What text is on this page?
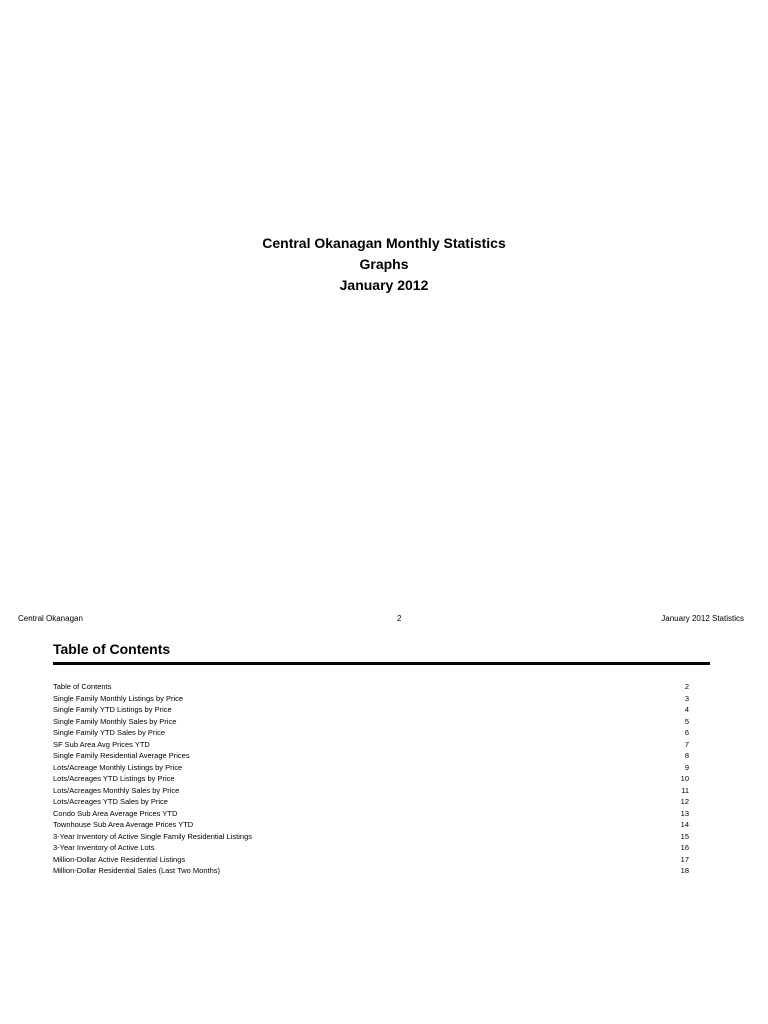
Central Okanagan Monthly Statistics
Graphs
January 2012
Central Okanagan	2	January 2012 Statistics
Table of Contents
Table of Contents	2
Single Family Monthly Listings by Price	3
Single Family YTD Listings by Price	4
Single Family Monthly Sales by Price	5
Single Family YTD Sales by Price	6
SF Sub Area Avg Prices YTD	7
Single Family Residential Average Prices	8
Lots/Acreage Monthly Listings by Price	9
Lots/Acreages YTD Listings by Price	10
Lots/Acreages Monthly Sales by Price	11
Lots/Acreages YTD Sales by Price	12
Condo Sub Area Average Prices YTD	13
Townhouse Sub Area Average Prices YTD	14
3-Year Inventory of Active Single Family Residential Listings	15
3-Year Inventory of Active Lots	16
Million-Dollar Active Residential Listings	17
Million-Dollar Residential Sales (Last Two Months)	18
